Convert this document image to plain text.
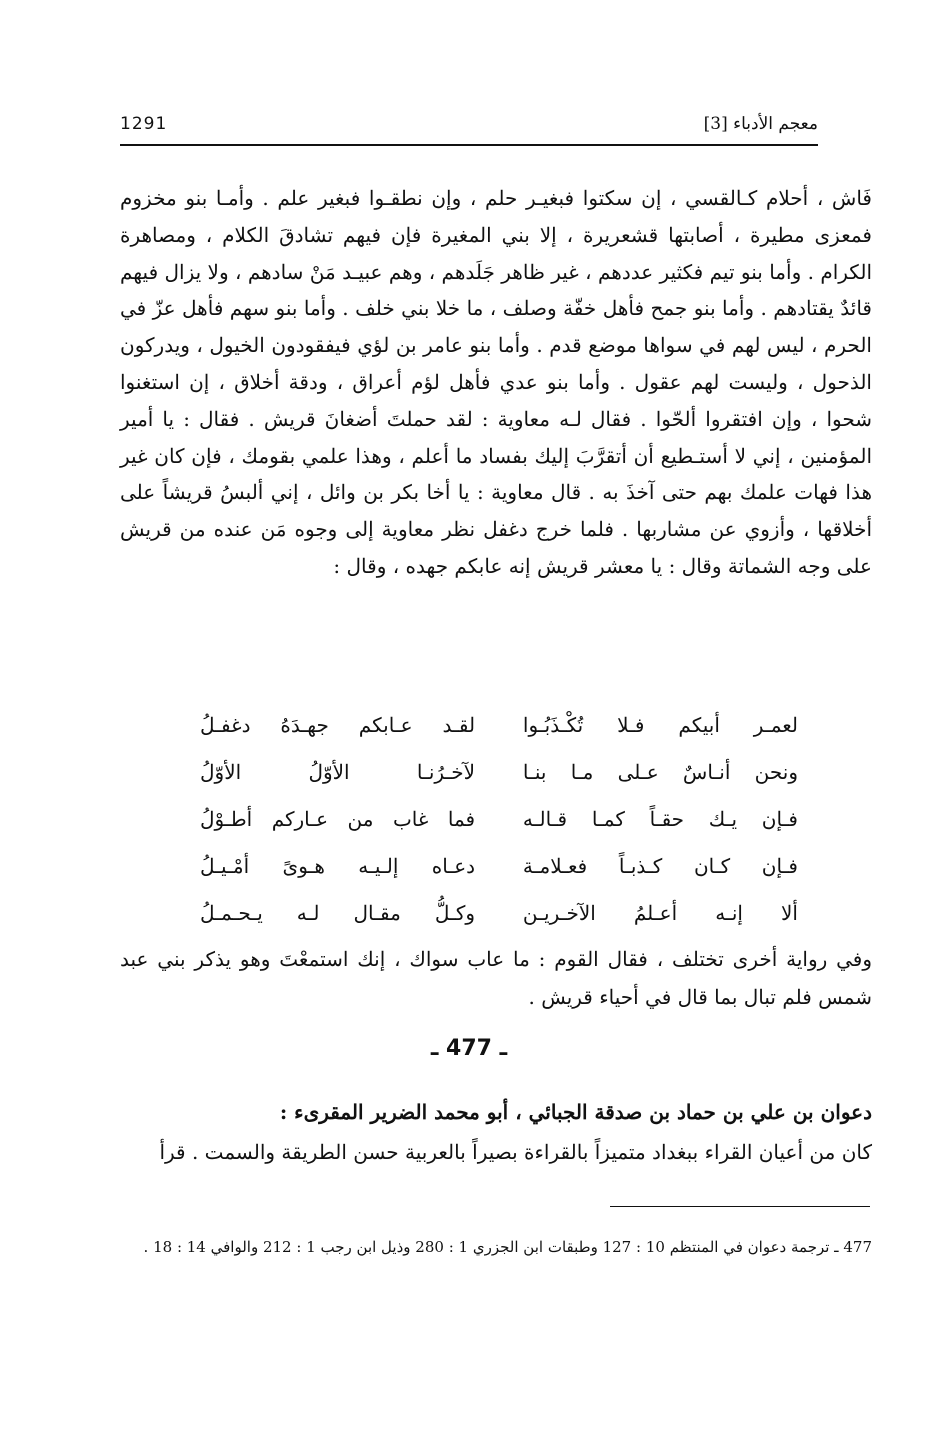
1291	معجم الأدباء [3]

فَاش ، أحلام كـالقسي ، إن سكتوا فبغيـر حلم ، وإن نطقـوا فبغير علم . وأمـا بنو مخزوم فمعزى مطيرة ، أصابتها قشعريرة ، إلا بني المغيرة فإن فيهم تشادقَ الكلام ، ومصاهرة الكرام . وأما بنو تيم فكثير عددهم ، غير ظاهر جَلَدهم ، وهم عبيـد مَنْ سادهم ، ولا يزال فيهم قائدٌ يقتادهم . وأما بنو جمح فأهل خفّة وصلف ، ما خلا بني خلف . وأما بنو سهم فأهل عزّ في الحرم ، ليس لهم في سواها موضع قدم . وأما بنو عامر بن لؤي فيفقودون الخيول ، ويدركون الذحول ، وليست لهم عقول . وأما بنو عدي فأهل لؤم أعراق ، ودقة أخلاق ، إن استغنوا شحوا ، وإن افتقروا ألحّوا . فقال لـه معاوية : لقد حملتَ أضغانَ قريش . فقال : يا أمير المؤمنين ، إني لا أستـطيع أن أتقرَّبَ إليك بفساد ما أعلم ، وهذا علمي بقومك ، فإن كان غير هذا فهات علمك بهم حتى آخذَ به . قال معاوية : يا أخا بكر بن وائل ، إني ألبسُ قريشاً على أخلاقها ، وأزوي عن مشاربها . فلما خرج دغفل نظر معاوية إلى وجوه مَن عنده من قريش على وجه الشماتة وقال : يا معشر قريش إنه عابكم جهده ، وقال :

لعمـر أبيكم فـلا تُكْـذَبُـوا
لقـد عـابكم جهـدَهُ دغفـلُ
ونحن أنـاسٌ عـلى مـا بنـا
لآخـرُنـا الأوّلُ الأوّلُ
فـإن يـك حقـاً كمـا قـالـه
فما غاب من عـاركم أطـوْلُ
فـإن كـان كـذبـاً فعـلامـة
دعـاه إلـيـه هـوىً أمْـيـلُ
ألا إنـه أعـلمُ الآخـريـن
وكـلُّ مقـال لـه يـحـمـلُ

وفي رواية أخرى تختلف ، فقال القوم : ما عاب سواك ، إنك استمعْتَ وهو يذكر بني عبد شمس فلم تبال بما قال في أحياء قريش .

ـ 477 ـ

دعوان بن علي بن حماد بن صدقة الجبائي ، أبو محمد الضرير المقرىء :
كان من أعيان القراء ببغداد متميزاً بالقراءة بصيراً بالعربية حسن الطريقة والسمت . قرأ

477 ـ ترجمة دعوان في المنتظم 10 : 127 وطبقات ابن الجزري 1 : 280 وذيل ابن رجب 1 : 212 والوافي 14 : 18 .
